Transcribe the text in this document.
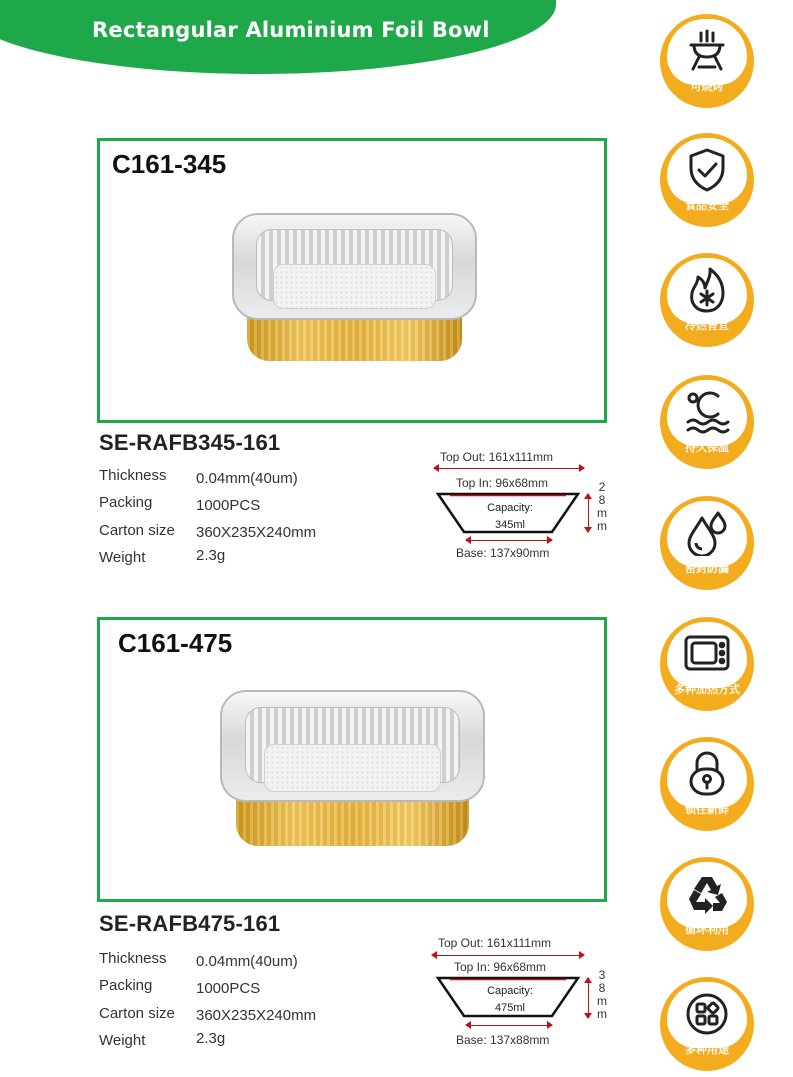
Rectangular Aluminium Foil Bowl
C161-345
SE-RAFB345-161
Thickness 0.04mm(40um)
Packing	1000PCS
Carton size 360X235X240mm
Weight	2.3g
Top Out: 161x111mm
Top In: 96x68mm
Capacity:
345ml
Base: 137x90mm
2
8
m
m
C161-475
SE-RAFB475-161
Thickness 0.04mm(40um)
Packing	1000PCS
Carton size 360X235X240mm
Weight	2.3g
Top Out: 161x111mm
Top In: 96x68mm
Capacity:
475ml
Base: 137x88mm
3
8
m
m
可烧烤
食品安全
冷热皆宜
持久保温
密封防漏
多种加热方式
锁住新鲜
循环利用
多种用途
